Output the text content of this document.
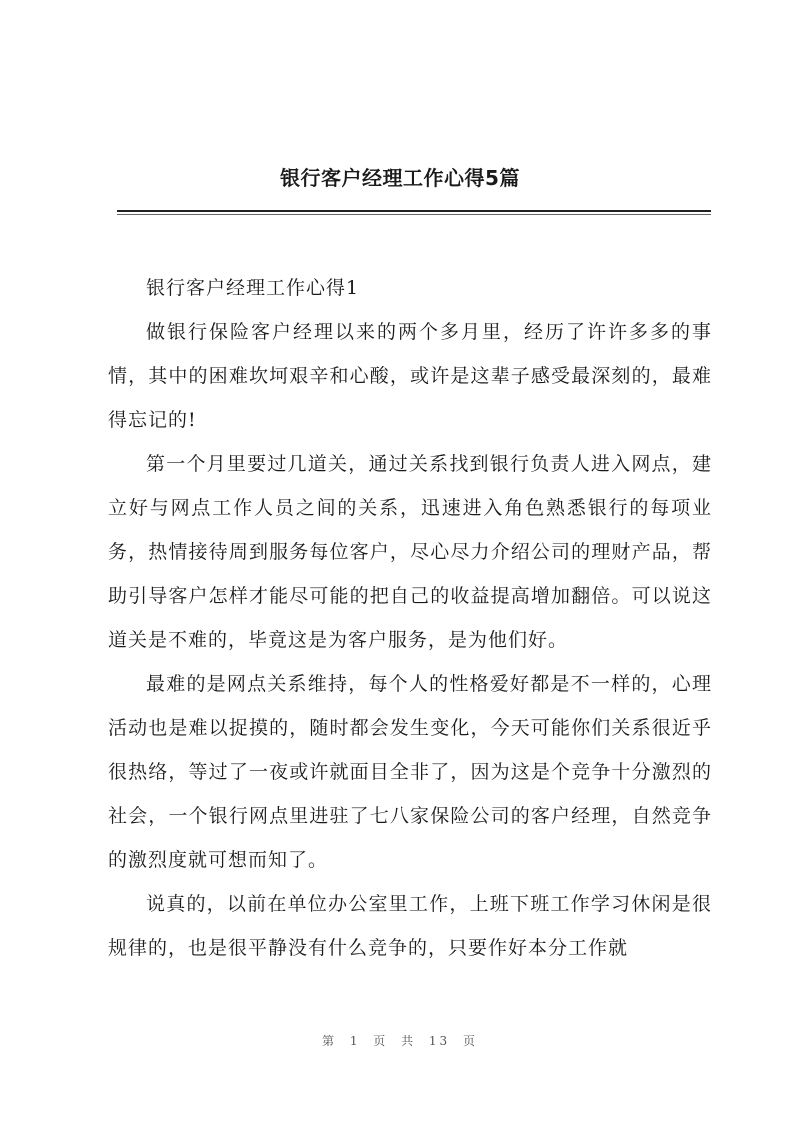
银行客户经理工作心得5篇

银行客户经理工作心得1

做银行保险客户经理以来的两个多月里，经历了许许多多的事情，其中的困难坎坷艰辛和心酸，或许是这辈子感受最深刻的，最难得忘记的!

第一个月里要过几道关，通过关系找到银行负责人进入网点，建立好与网点工作人员之间的关系，迅速进入角色熟悉银行的每项业务，热情接待周到服务每位客户，尽心尽力介绍公司的理财产品，帮助引导客户怎样才能尽可能的把自己的收益提高增加翻倍。可以说这道关是不难的，毕竟这是为客户服务，是为他们好。

最难的是网点关系维持，每个人的性格爱好都是不一样的，心理活动也是难以捉摸的，随时都会发生变化，今天可能你们关系很近乎很热络，等过了一夜或许就面目全非了，因为这是个竞争十分激烈的社会，一个银行网点里进驻了七八家保险公司的客户经理，自然竞争的激烈度就可想而知了。

说真的，以前在单位办公室里工作，上班下班工作学习休闲是很规律的，也是很平静没有什么竞争的，只要作好本分工作就

第 1 页 共 13 页
